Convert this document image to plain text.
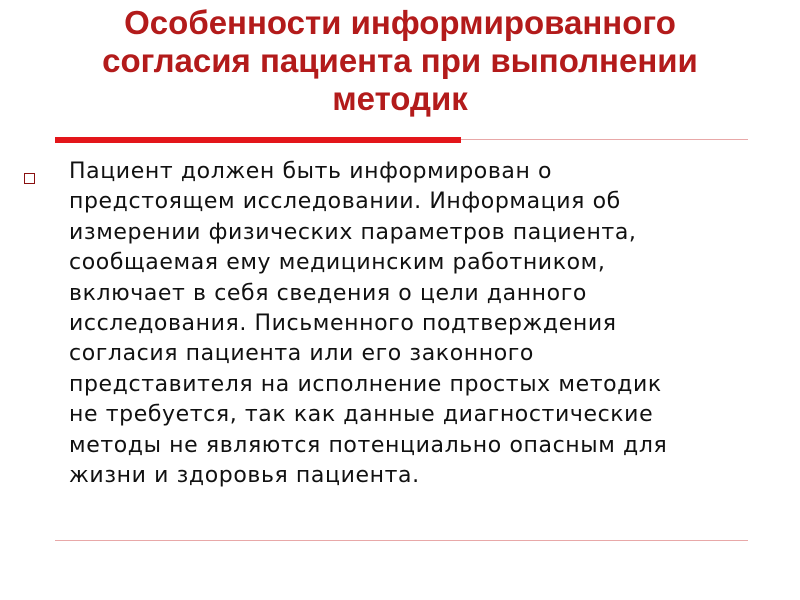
Особенности информированного
согласия пациента при выполнении
методик

Пациент должен быть информирован о
предстоящем исследовании. Информация об
измерении физических параметров пациента,
сообщаемая ему медицинским работником,
включает в себя сведения о цели данного
исследования. Письменного подтверждения
согласия пациента или его законного
представителя на исполнение простых методик
не требуется, так как данные диагностические
методы не являются потенциально опасным для
жизни и здоровья пациента.
